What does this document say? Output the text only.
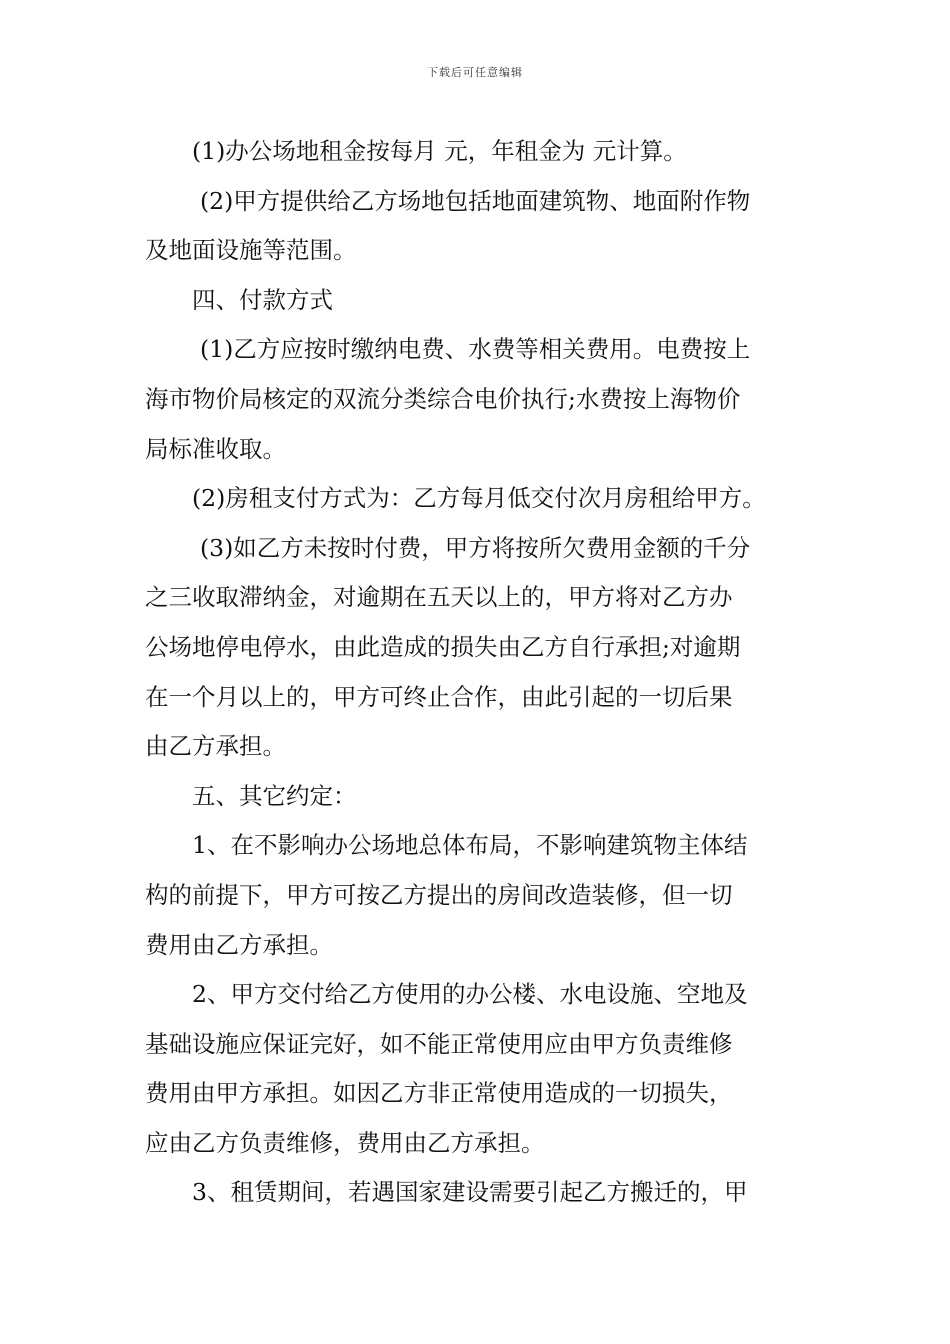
下载后可任意编辑
(1)办公场地租金按每月 元，年租金为 元计算。
(2)甲方提供给乙方场地包括地面建筑物、地面附作物
及地面设施等范围。
四、付款方式
(1)乙方应按时缴纳电费、水费等相关费用。电费按上
海市物价局核定的双流分类综合电价执行;水费按上海物价
局标准收取。
(2)房租支付方式为：乙方每月低交付次月房租给甲方。
(3)如乙方未按时付费，甲方将按所欠费用金额的千分
之三收取滞纳金，对逾期在五天以上的，甲方将对乙方办
公场地停电停水，由此造成的损失由乙方自行承担;对逾期
在一个月以上的，甲方可终止合作，由此引起的一切后果
由乙方承担。
五、其它约定：
1、在不影响办公场地总体布局，不影响建筑物主体结
构的前提下，甲方可按乙方提出的房间改造装修，但一切
费用由乙方承担。
2、甲方交付给乙方使用的办公楼、水电设施、空地及
基础设施应保证完好，如不能正常使用应由甲方负责维修
费用由甲方承担。如因乙方非正常使用造成的一切损失，
应由乙方负责维修，费用由乙方承担。
3、租赁期间，若遇国家建设需要引起乙方搬迁的，甲
